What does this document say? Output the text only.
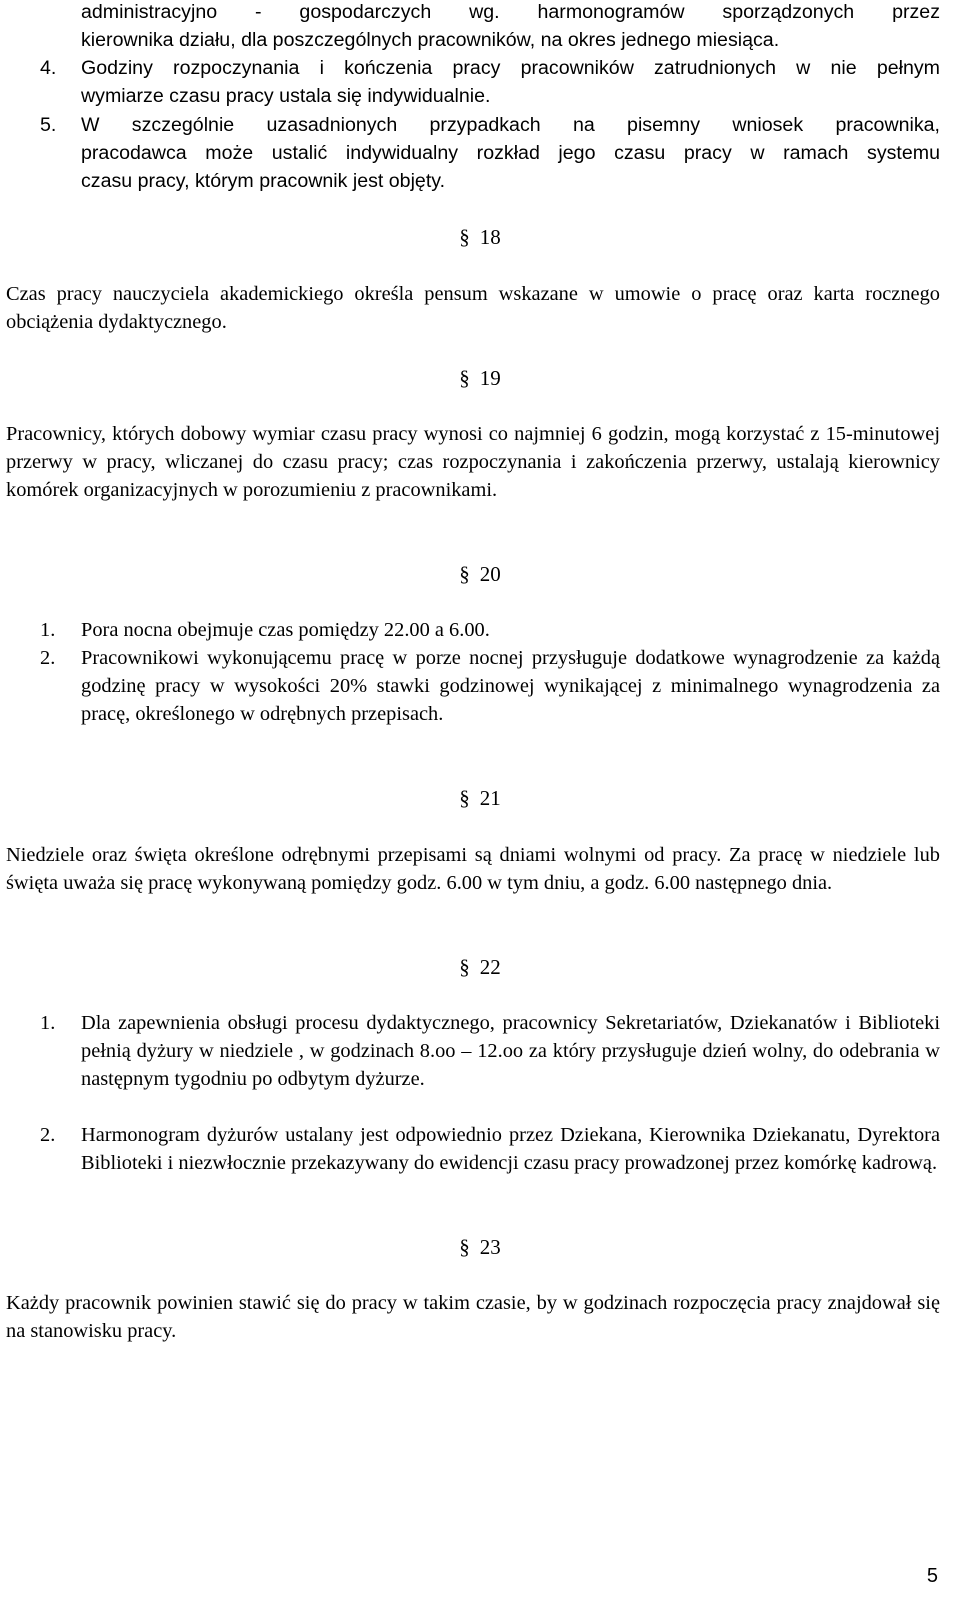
administracyjno - gospodarczych wg. harmonogramów sporządzonych przez
kierownika działu, dla poszczególnych pracowników, na okres jednego miesiąca.
4.	Godziny rozpoczynania i kończenia pracy pracowników zatrudnionych w nie pełnym
wymiarze czasu pracy ustala się indywidualnie.
5.	W szczególnie uzasadnionych przypadkach na pisemny wniosek pracownika,
pracodawca może ustalić indywidualny rozkład jego czasu pracy w ramach systemu
czasu pracy, którym pracownik jest objęty.
§ 18

Czas pracy nauczyciela akademickiego określa pensum wskazane w umowie o pracę oraz karta rocznego obciążenia dydaktycznego.

§ 19

Pracownicy, których dobowy wymiar czasu pracy wynosi co najmniej 6 godzin, mogą korzystać z 15-minutowej przerwy w pracy, wliczanej do czasu pracy; czas rozpoczynania i zakończenia przerwy, ustalają kierownicy komórek organizacyjnych w porozumieniu z pracownikami.

§ 20
1.	Pora nocna obejmuje czas pomiędzy 22.00 a 6.00.

2.	Pracownikowi wykonującemu pracę w porze nocnej przysługuje dodatkowe wynagrodzenie za każdą godzinę pracy w wysokości 20% stawki godzinowej wynikającej z minimalnego wynagrodzenia za pracę, określonego w odrębnych przepisach.

§ 21

Niedziele oraz święta określone odrębnymi przepisami są dniami wolnymi od pracy. Za pracę w niedziele lub święta uważa się pracę wykonywaną pomiędzy godz. 6.00 w tym dniu, a godz. 6.00 następnego dnia.

§ 22
1.	Dla zapewnienia obsługi procesu dydaktycznego, pracownicy Sekretariatów, Dziekanatów i Biblioteki pełnią dyżury w niedziele , w godzinach 8.oo – 12.oo za który przysługuje dzień wolny, do odebrania w następnym tygodniu po odbytym dyżurze.

2.	Harmonogram dyżurów ustalany jest odpowiednio przez Dziekana, Kierownika Dziekanatu, Dyrektora Biblioteki i niezwłocznie przekazywany do ewidencji czasu pracy prowadzonej przez komórkę kadrową.

§ 23

Każdy pracownik powinien stawić się do pracy w takim czasie, by w godzinach rozpoczęcia pracy znajdował się na stanowisku pracy.

5
